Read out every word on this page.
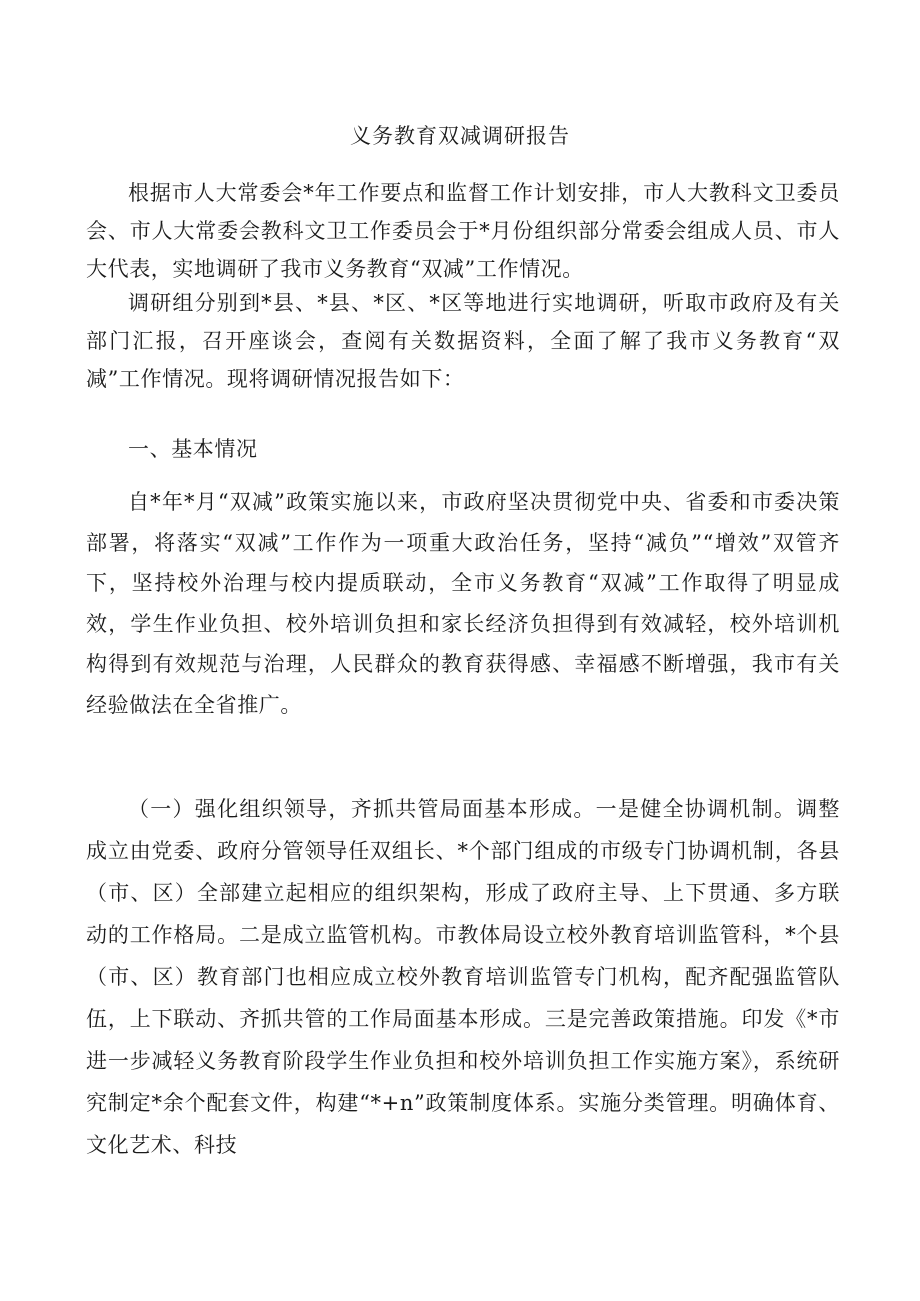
义务教育双减调研报告

根据市人大常委会*年工作要点和监督工作计划安排，市人大教科文卫委员会、市人大常委会教科文卫工作委员会于*月份组织部分常委会组成人员、市人大代表，实地调研了我市义务教育“双减”工作情况。

调研组分别到*县、*县、*区、*区等地进行实地调研，听取市政府及有关部门汇报，召开座谈会，查阅有关数据资料，全面了解了我市义务教育“双减”工作情况。现将调研情况报告如下：

一、基本情况

自*年*月“双减”政策实施以来，市政府坚决贯彻党中央、省委和市委决策部署，将落实“双减”工作作为一项重大政治任务，坚持“减负”“增效”双管齐下，坚持校外治理与校内提质联动，全市义务教育“双减”工作取得了明显成效，学生作业负担、校外培训负担和家长经济负担得到有效减轻，校外培训机构得到有效规范与治理，人民群众的教育获得感、幸福感不断增强，我市有关经验做法在全省推广。

（一）强化组织领导，齐抓共管局面基本形成。一是健全协调机制。调整成立由党委、政府分管领导任双组长、*个部门组成的市级专门协调机制，各县（市、区）全部建立起相应的组织架构，形成了政府主导、上下贯通、多方联动的工作格局。二是成立监管机构。市教体局设立校外教育培训监管科，*个县（市、区）教育部门也相应成立校外教育培训监管专门机构，配齐配强监管队伍，上下联动、齐抓共管的工作局面基本形成。三是完善政策措施。印发《*市进一步减轻义务教育阶段学生作业负担和校外培训负担工作实施方案》，系统研究制定*余个配套文件，构建“*+n”政策制度体系。实施分类管理。明确体育、文化艺术、科技
